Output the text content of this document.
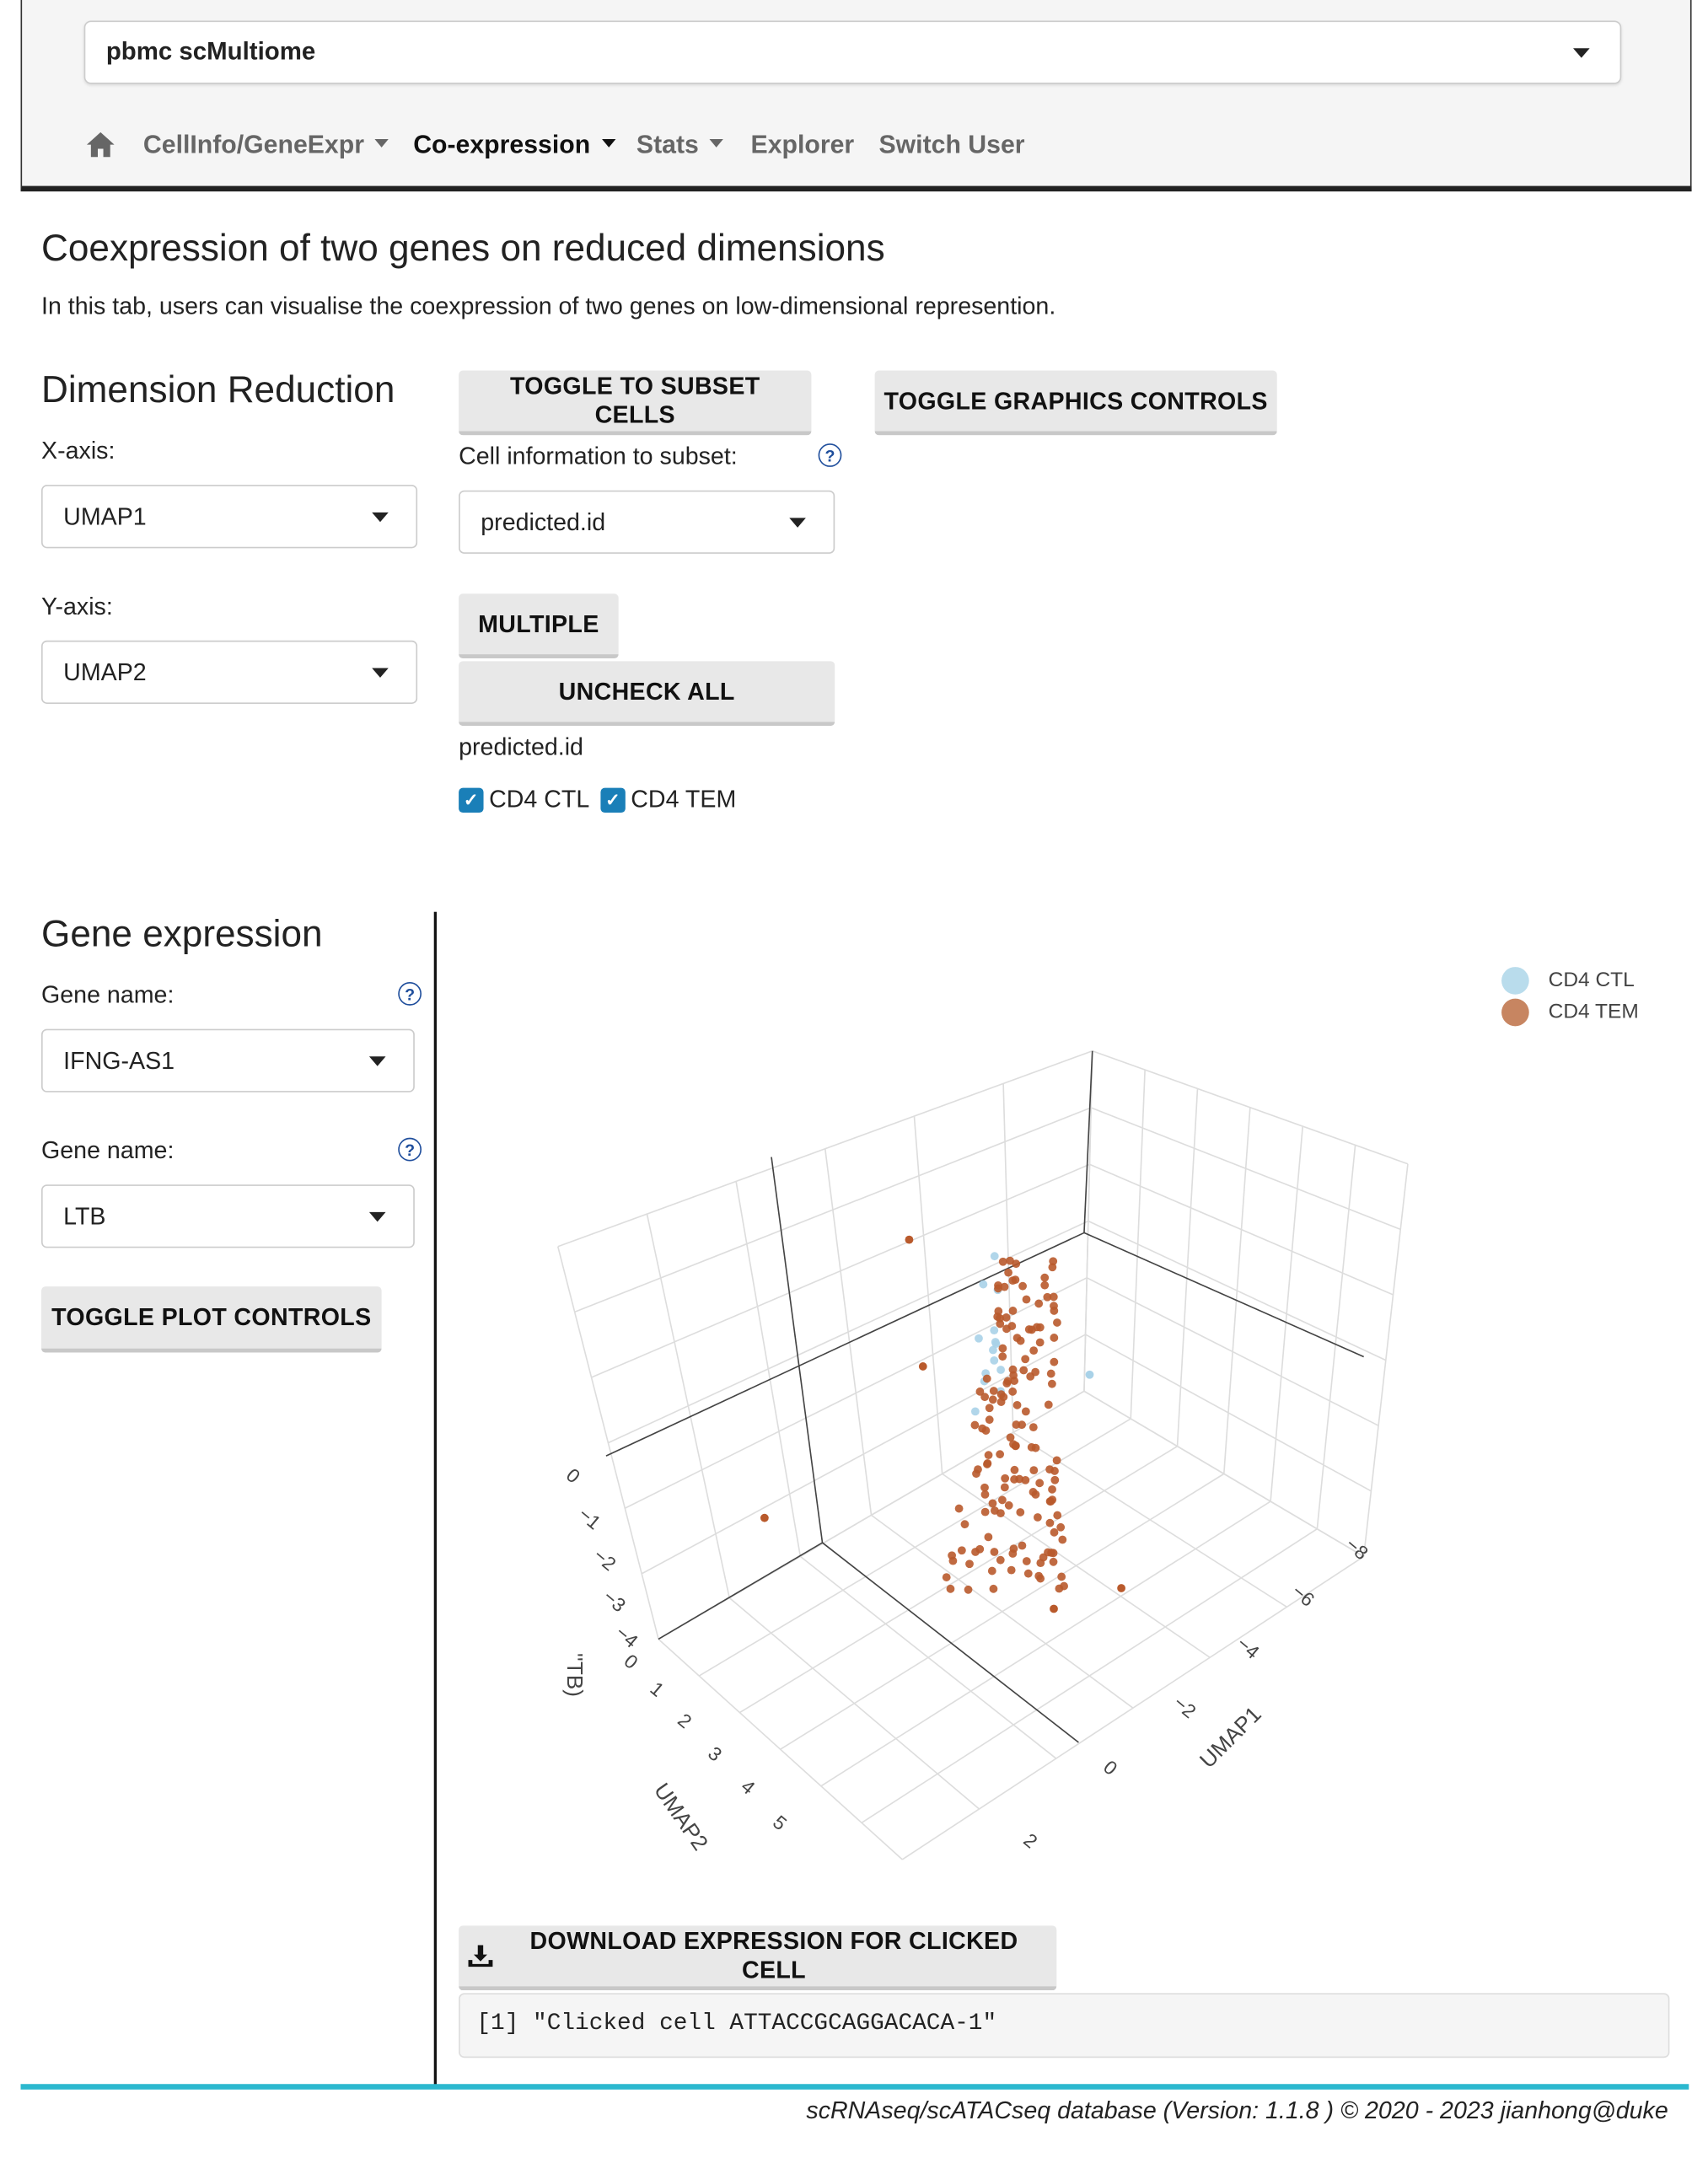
pbmc scMultiome
CellInfo/GeneExpr	Co-expression	Stats	Explorer Switch User
Coexpression of two genes on reduced dimensions
In this tab, users can visualise the coexpression of two genes on low-dimensional represention.
Dimension Reduction
X-axis:
UMAP1
Y-axis:
UMAP2
TOGGLE TO SUBSET CELLS
TOGGLE GRAPHICS CONTROLS
Cell information to subset:	?
predicted.id
MULTIPLE
UNCHECK ALL
predicted.id
✓ CD4 CTL	✓ CD4 TEM
Gene expression
Gene name:	?
IFNG-AS1
Gene name:	?
LTB
TOGGLE PLOT CONTROLS
0
−1
−2
−3
−4
0
1
2
3
4
5
2
0
−2
−4
−6
−8
UMAP1
UMAP2
''TB)
CD4 CTL
CD4 TEM
DOWNLOAD EXPRESSION FOR CLICKED CELL
[1] "Clicked cell ATTACCGCAGGACACA-1"
scRNAseq/scATACseq database (Version: 1.1.8 ) © 2020 - 2023 jianhong@duke
